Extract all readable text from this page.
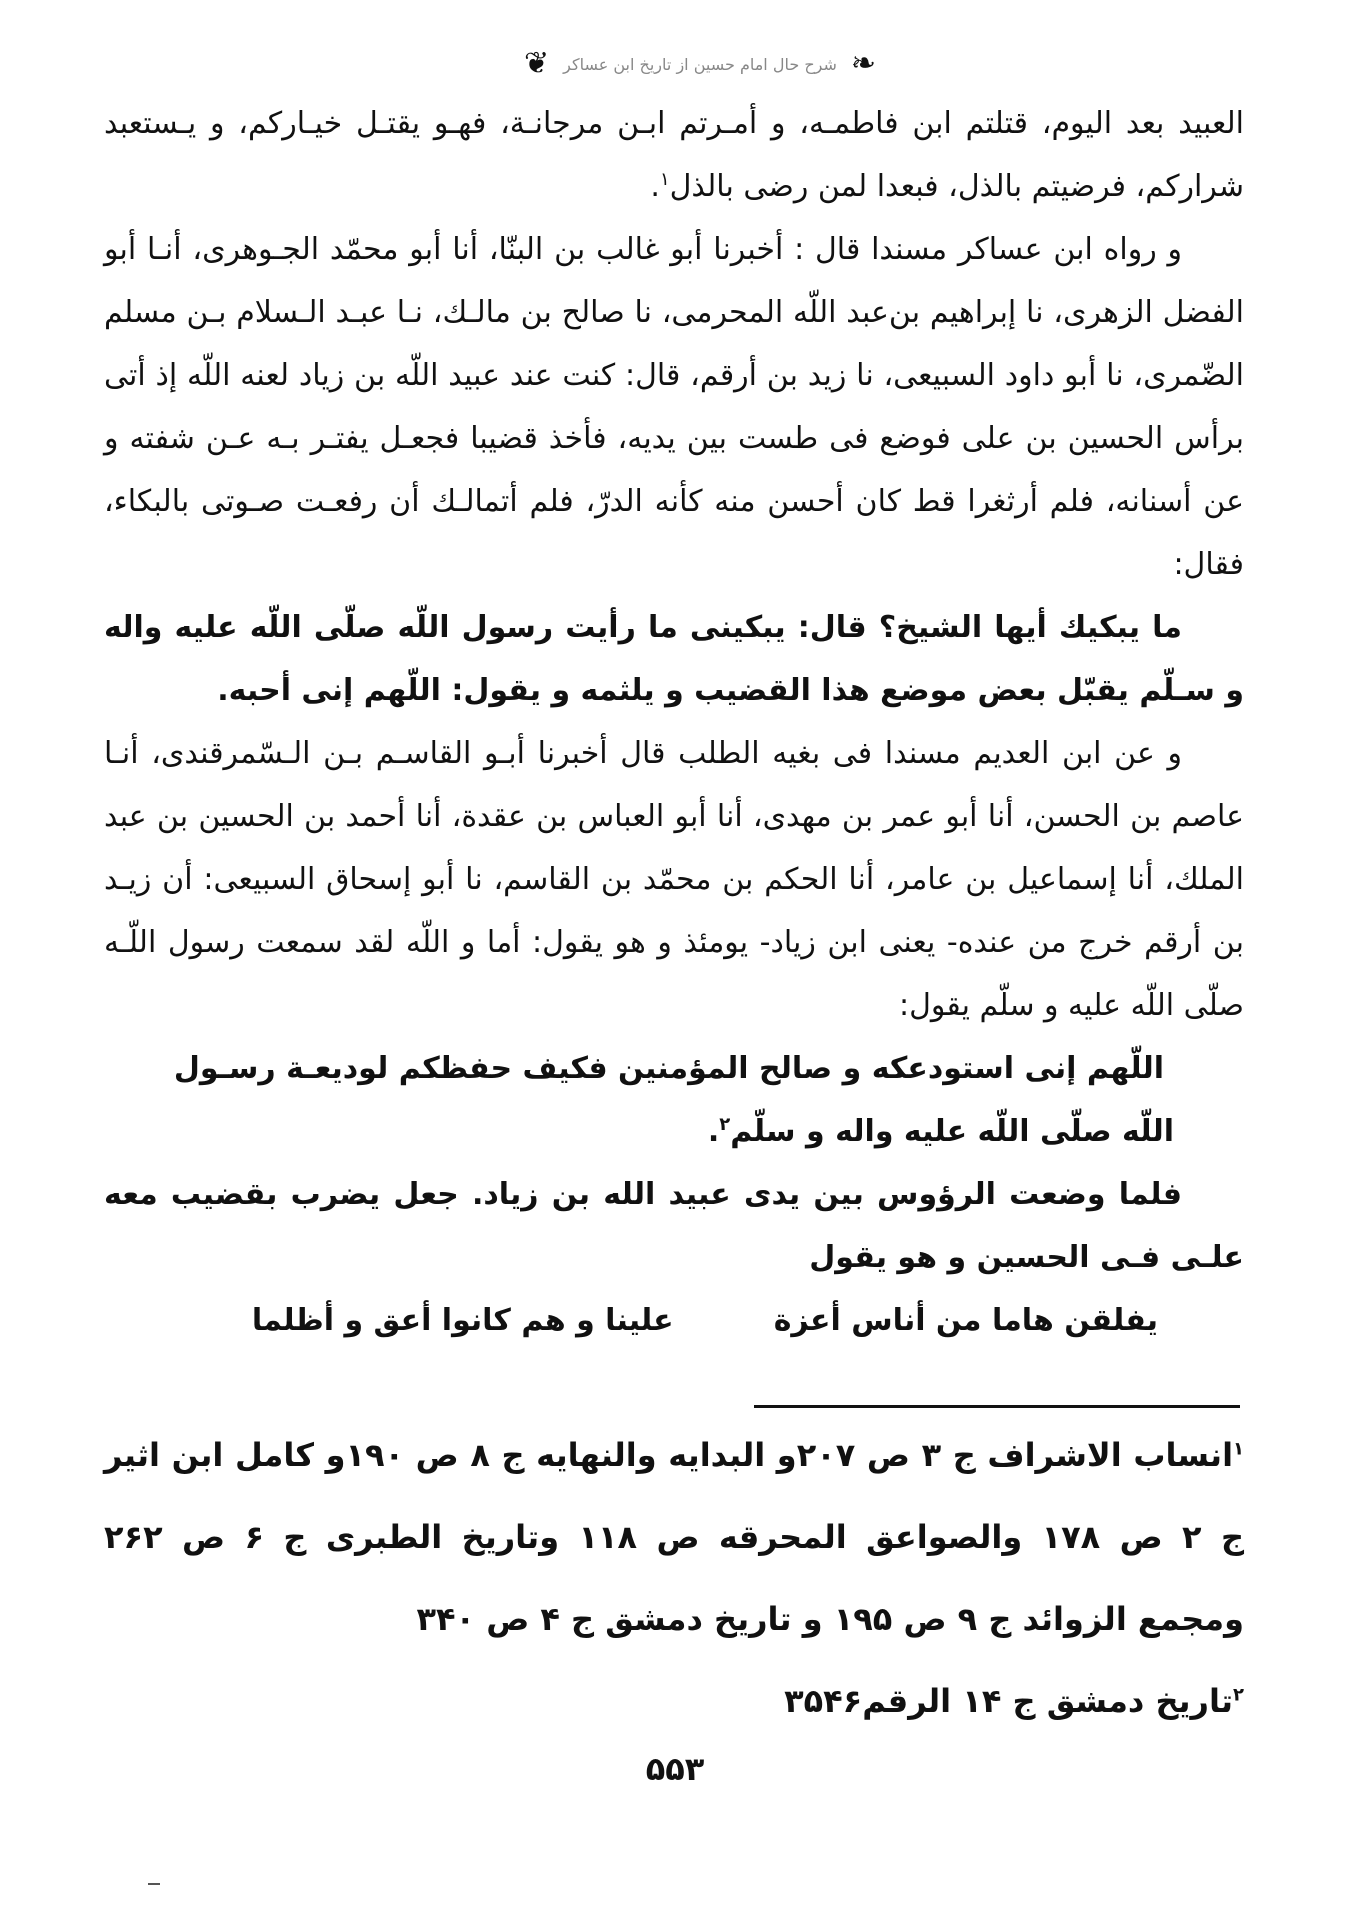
❦ شرح حال امام حسین از تاریخ ابن عساکر ❧

العبيد بعد اليوم، قتلتم ابن فاطمـه، و أمـرتم ابـن مرجانـة، فهـو يقتـل خيـاركم، و يـستعبد شراركم، فرضيتم بالذل، فبعدا لمن رضى بالذل$^١$.

و رواه ابن عساكر مسندا قال : أخبرنا أبو غالب بن البنّا، أنا أبو محمّد الجـوهرى، أنـا أبو الفضل الزهرى، نا إبراهيم بن‌عبد اللّه المحرمى، نا صالح بن مالـك، نـا عبـد الـسلام بـن مسلم الضّمرى، نا أبو داود السبيعى، نا زيد بن أرقم، قال: كنت عند عبيد اللّه بن زياد لعنه اللّه إذ أتى برأس الحسين بن على فوضع فى طست بين يديه، فأخذ قضيبا فجعـل يفتـر بـه عـن شفته و عن أسنانه، فلم أرثغرا قط كان أحسن منه كأنه الدرّ، فلم أتمالـك أن رفعـت صـوتى بالبكاء، فقال:

ما يبكيك أيها الشيخ؟ قال: يبكينى ما رأيت رسول اللّه صلّى اللّه عليه واله و سـلّم يقبّل بعض موضع هذا القضيب و يلثمه و يقول: اللّهم إنى أحبه.

و عن ابن العديم مسندا فى بغيه الطلب قال أخبرنا أبـو القاسـم بـن الـسّمرقندى، أنـا عاصم بن الحسن، أنا أبو عمر بن مهدى، أنا أبو العباس بن عقدة، أنا أحمد بن الحسين بن عبد الملك، أنا إسماعيل بن عامر، أنا الحكم بن محمّد بن القاسم، نا أبو إسحاق السبيعى: أن زيـد بن أرقم خرج من عنده- يعنى ابن زياد- يومئذ و هو يقول: أما و اللّه لقد سمعت رسول اللّـه صلّى اللّه عليه و سلّم يقول:

اللّهم إنى استودعكه و صالح المؤمنين فكيف حفظكم لوديعـة رسـول

اللّه صلّى اللّه عليه واله و سلّم$^٢$.

فلما وضعت الرؤوس بين يدى عبيد الله بن زياد. جعل يضرب بقضيب معه علـى فـى الحسين و هو يقول

يفلقن هاما من أناس أعزة
علينا و هم كانوا أعق و أظلما

$^١$انساب الاشراف ج ٣ ص ٢٠٧و البدايه والنهايه ج ٨ ص ١٩٠و كامل ابن اثير ج ٢ ص ١٧٨ والصواعق المحرقه ص ١١٨ وتاريخ الطبرى ج ۶ ص ٢۶٢ ومجمع الزوائد ج ٩ ص ١٩۵ و تاريخ دمشق ج ۴ ص ٣۴٠

$^٢$تاريخ دمشق ج ١۴ الرقم٣۵۴۶

۵۵٣
